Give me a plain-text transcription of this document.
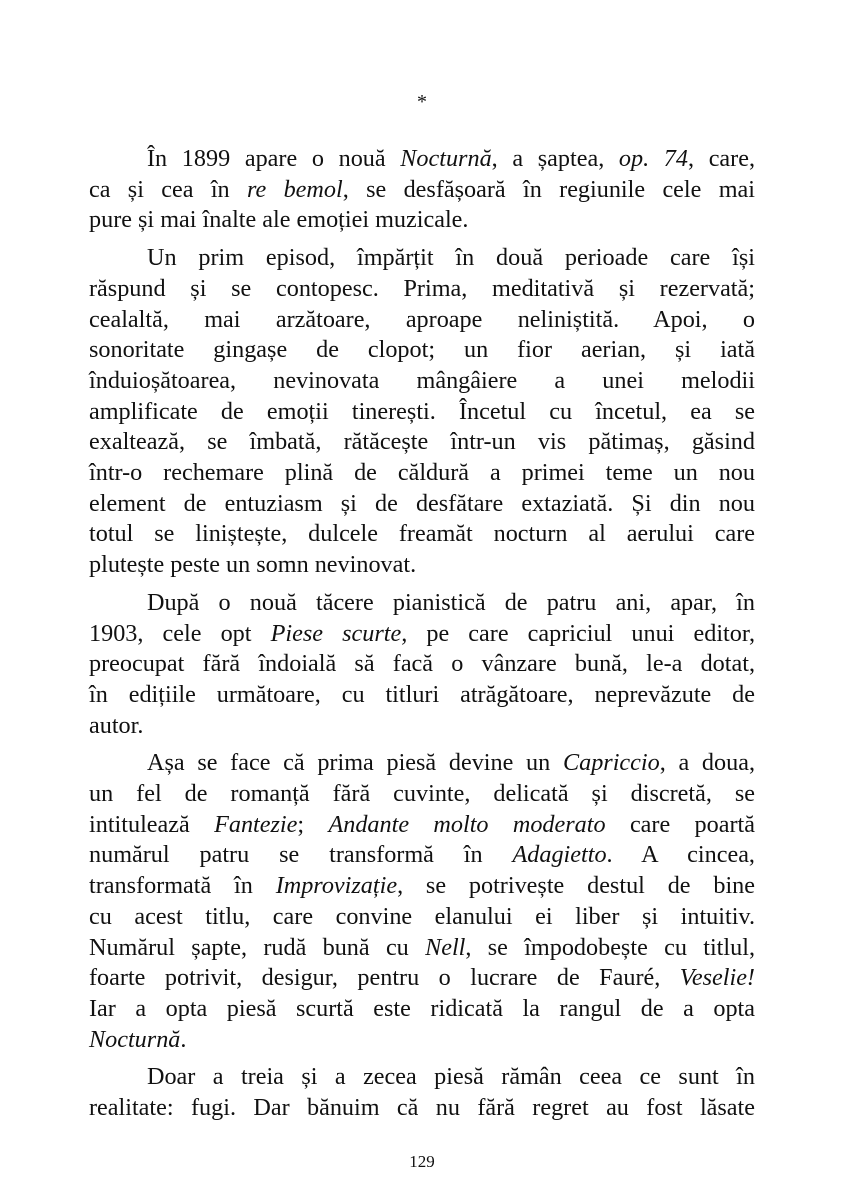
*

În 1899 apare o nouă Nocturnă, a șaptea, op. 74, care,
ca și cea în re bemol, se desfășoară în regiunile cele mai
pure și mai înalte ale emoției muzicale.

Un prim episod, împărțit în două perioade care își
răspund și se contopesc. Prima, meditativă și rezervată;
cealaltă, mai arzătoare, aproape neliniștită. Apoi, o
sonoritate gingașe de clopot; un fior aerian, și iată
înduioșătoarea, nevinovata mângâiere a unei melodii
amplificate de emoții tinerești. Încetul cu încetul, ea se
exaltează, se îmbată, rătăcește într-un vis pătimaș, găsind
într-o rechemare plină de căldură a primei teme un nou
element de entuziasm și de desfătare extaziată. Și din nou
totul se liniștește, dulcele freamăt nocturn al aerului care
plutește peste un somn nevinovat.

După o nouă tăcere pianistică de patru ani, apar, în
1903, cele opt Piese scurte, pe care capriciul unui editor,
preocupat fără îndoială să facă o vânzare bună, le-a dotat,
în edițiile următoare, cu titluri atrăgătoare, neprevăzute de
autor.

Așa se face că prima piesă devine un Capriccio, a doua,
un fel de romanță fără cuvinte, delicată și discretă, se
intitulează Fantezie; Andante molto moderato care poartă
numărul patru se transformă în Adagietto. A cincea,
transformată în Improvizație, se potrivește destul de bine
cu acest titlu, care convine elanului ei liber și intuitiv.
Numărul șapte, rudă bună cu Nell, se împodobește cu titlul,
foarte potrivit, desigur, pentru o lucrare de Fauré, Veselie!
Iar a opta piesă scurtă este ridicată la rangul de a opta
Nocturnă.

Doar a treia și a zecea piesă rămân ceea ce sunt în
realitate: fugi. Dar bănuim că nu fără regret au fost lăsate

129
